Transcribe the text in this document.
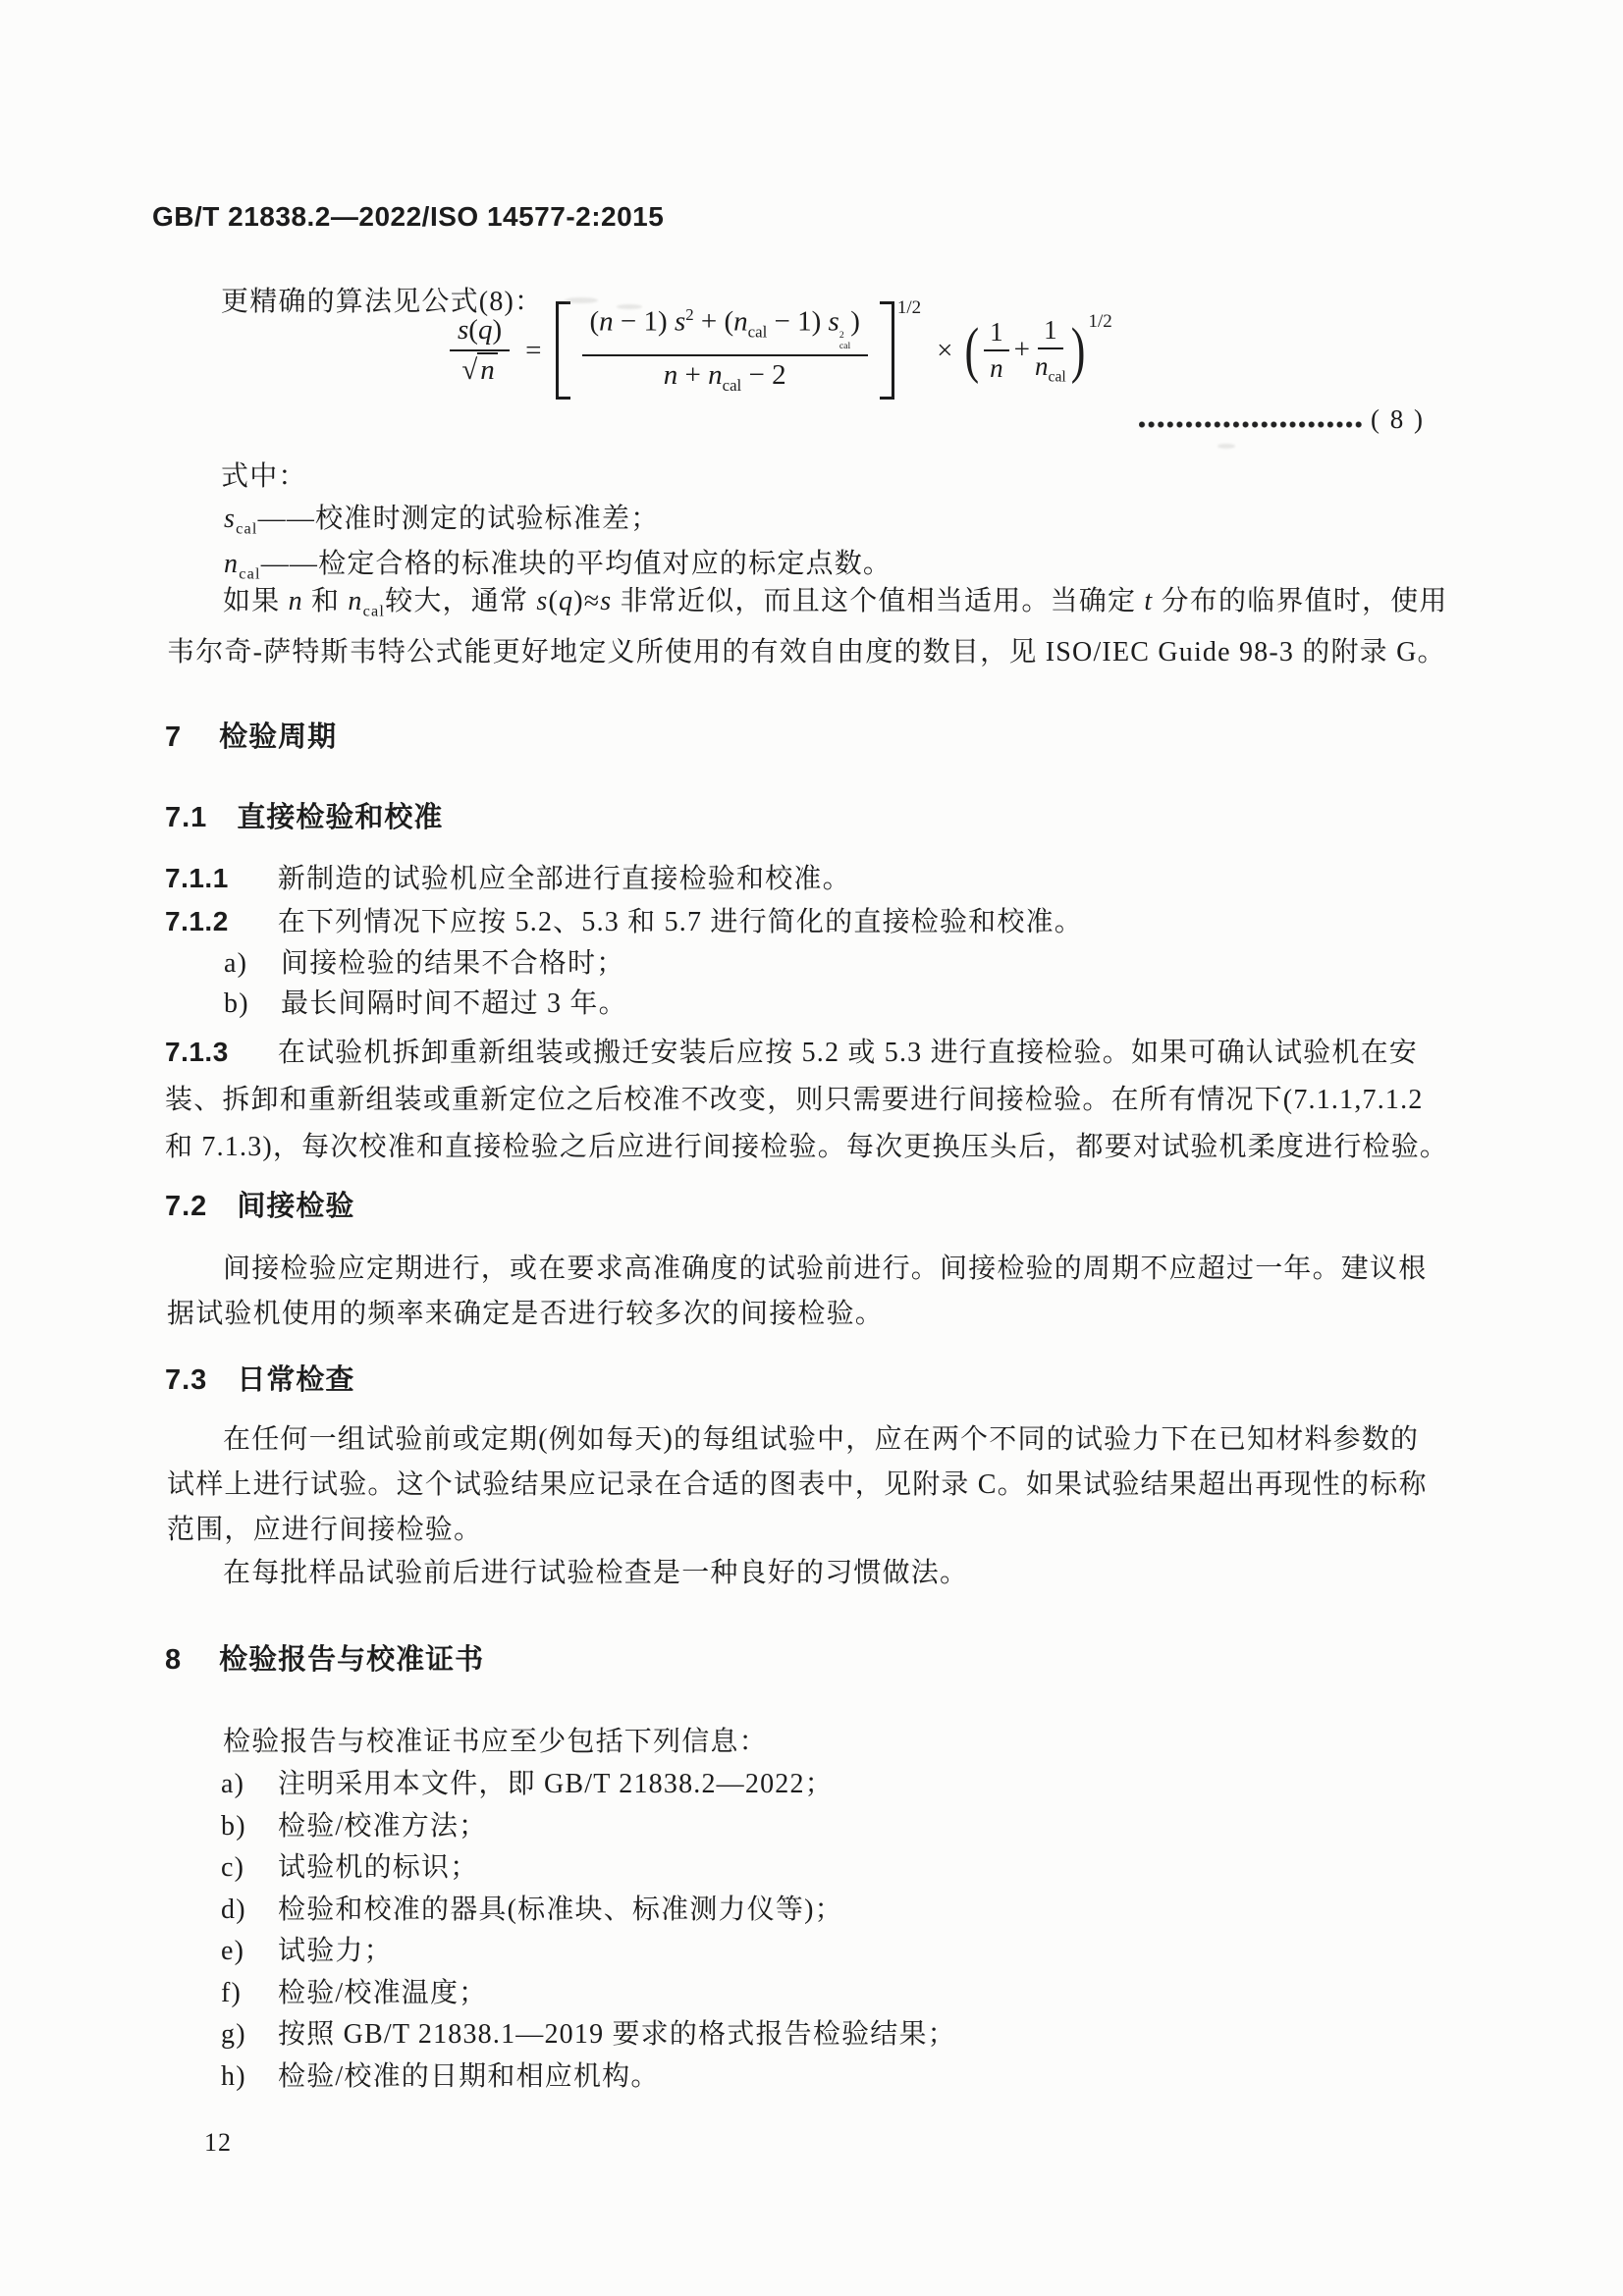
GB/T 21838.2—2022/ISO 14577-2:2015
更精确的算法见公式(8)：
$\frac{s(q)}{√ n} = (n - 1) s^2 + (n_{cal} - 1)$ s 2
cal
)
$n + n_{cal} - 2$ 1/2
× ( $\frac{1}{n}$ +
1
$n_{cal}$ ) 1/2
( 8 )
式中：
$s_{cal}——$校准时测定的试验标准差；
$n_{cal}——$检定合格的标准块的平均值对应的标定点数。
如果 n 和 $n_{cal}$较大，通常 s(q)≈s 非常近似，而且这个值相当适用。当确定 t 分布的临界值时，使用
韦尔奇-萨特斯韦特公式能更好地定义所使用的有效自由度的数目，见 ISO/IEC Guide 98-3 的附录 G。
7 检验周期
7.1 直接检验和校准
7.1.1 新制造的试验机应全部进行直接检验和校准。
7.1.2 在下列情况下应按 5.2、5.3 和 5.7 进行简化的直接检验和校准。
a) 间接检验的结果不合格时；
b) 最长间隔时间不超过 3 年。
7.1.3 在试验机拆卸重新组装或搬迁安装后应按 5.2 或 5.3 进行直接检验。如果可确认试验机在安
装、拆卸和重新组装或重新定位之后校准不改变，则只需要进行间接检验。在所有情况下(7.1.1,7.1.2
和 7.1.3)，每次校准和直接检验之后应进行间接检验。每次更换压头后，都要对试验机柔度进行检验。
7.2 间接检验
间接检验应定期进行，或在要求高准确度的试验前进行。间接检验的周期不应超过一年。建议根
据试验机使用的频率来确定是否进行较多次的间接检验。
7.3 日常检查
在任何一组试验前或定期(例如每天)的每组试验中，应在两个不同的试验力下在已知材料参数的
试样上进行试验。这个试验结果应记录在合适的图表中，见附录 C。如果试验结果超出再现性的标称
范围，应进行间接检验。
在每批样品试验前后进行试验检查是一种良好的习惯做法。
8 检验报告与校准证书
检验报告与校准证书应至少包括下列信息：
a) 注明采用本文件，即 GB/T 21838.2—2022；
b) 检验/校准方法；
c) 试验机的标识；
d) 检验和校准的器具(标准块、标准测力仪等)；
e) 试验力；
f) 检验/校准温度；
g) 按照 GB/T 21838.1—2019 要求的格式报告检验结果；
h) 检验/校准的日期和相应机构。
12
